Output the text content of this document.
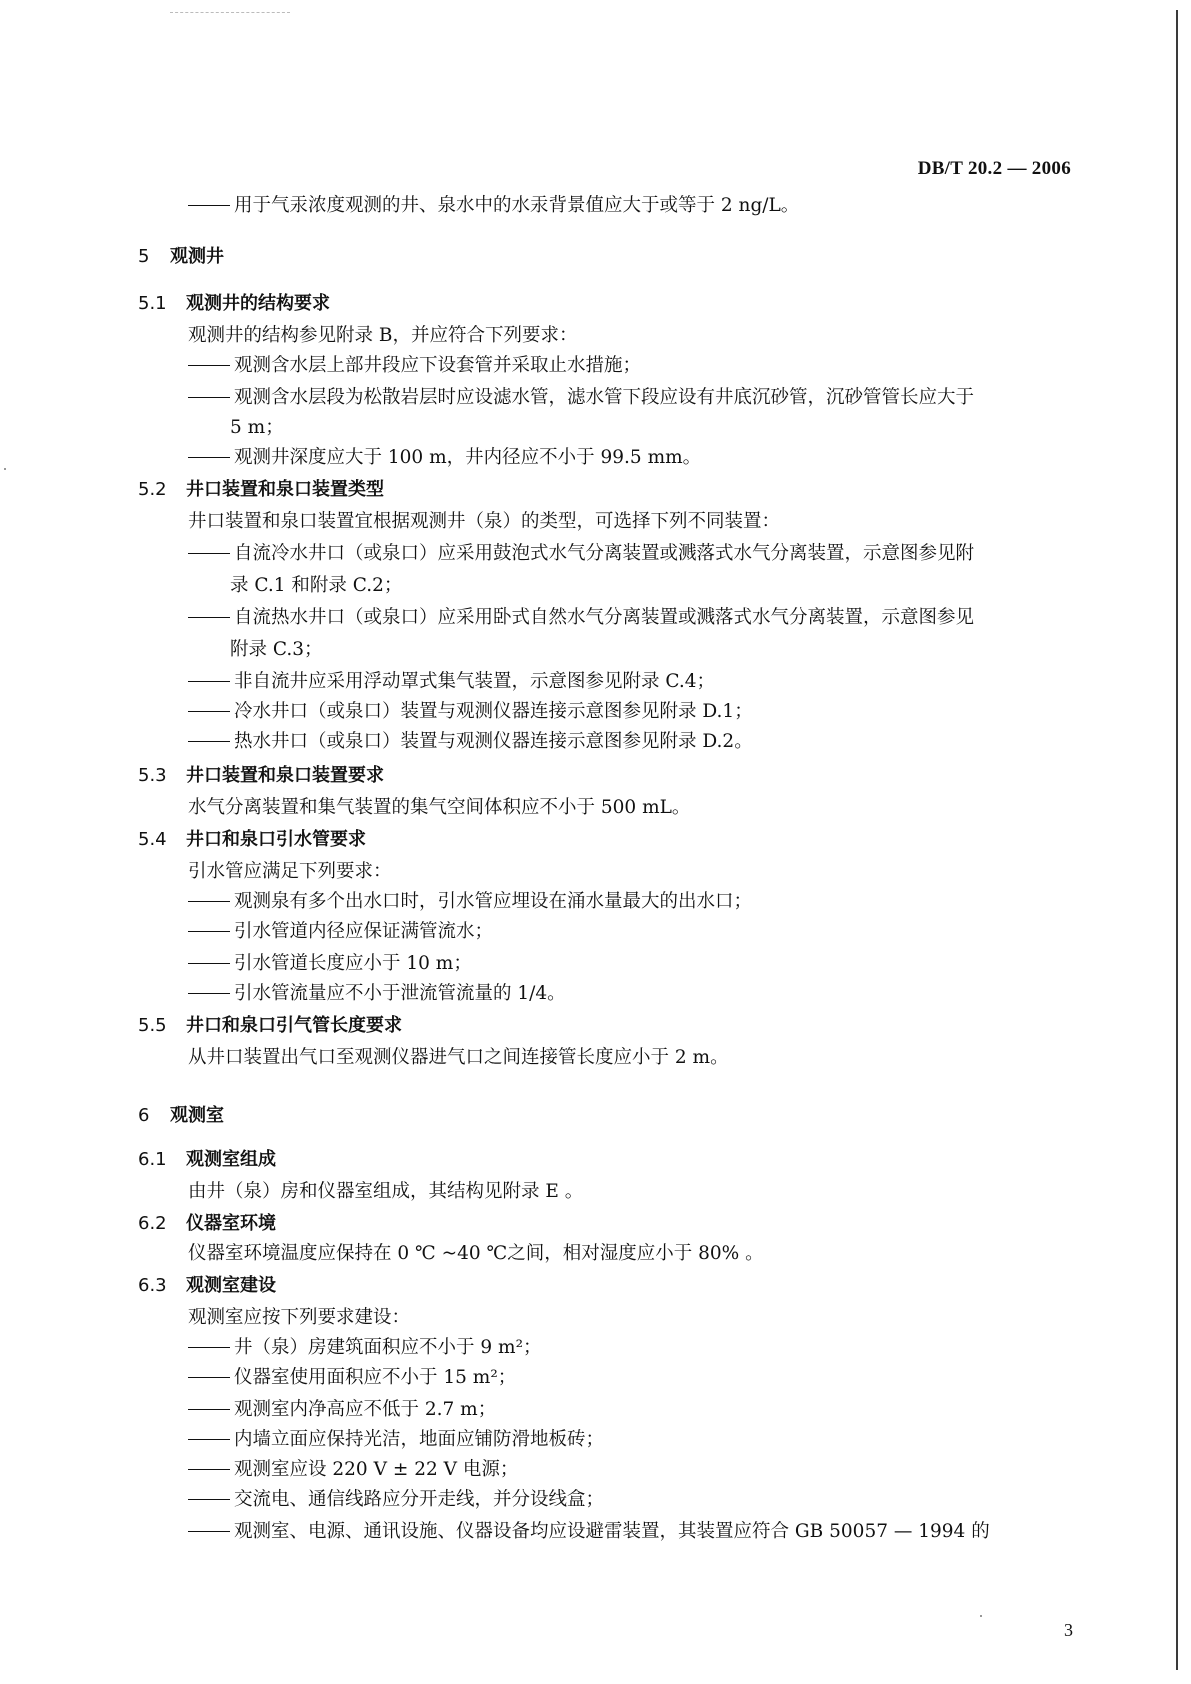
DB/T 20.2 — 2006
用于气汞浓度观测的井、泉水中的水汞背景值应大于或等于 2 ng/L。
5 观测井
5.1 观测井的结构要求
观测井的结构参见附录 B，并应符合下列要求：
观测含水层上部井段应下设套管并采取止水措施；
观测含水层段为松散岩层时应设滤水管，滤水管下段应设有井底沉砂管，沉砂管管长应大于
5 m；
观测井深度应大于 100 m，井内径应不小于 99.5 mm。
5.2 井口装置和泉口装置类型
井口装置和泉口装置宜根据观测井（泉）的类型，可选择下列不同装置：
自流冷水井口（或泉口）应采用鼓泡式水气分离装置或溅落式水气分离装置，示意图参见附
录 C.1 和附录 C.2；
自流热水井口（或泉口）应采用卧式自然水气分离装置或溅落式水气分离装置，示意图参见
附录 C.3；
非自流井应采用浮动罩式集气装置，示意图参见附录 C.4；
冷水井口（或泉口）装置与观测仪器连接示意图参见附录 D.1；
热水井口（或泉口）装置与观测仪器连接示意图参见附录 D.2。
5.3 井口装置和泉口装置要求
水气分离装置和集气装置的集气空间体积应不小于 500 mL。
5.4 井口和泉口引水管要求
引水管应满足下列要求：
观测泉有多个出水口时，引水管应埋设在涌水量最大的出水口；
引水管道内径应保证满管流水；
引水管道长度应小于 10 m；
引水管流量应不小于泄流管流量的 1/4。
5.5 井口和泉口引气管长度要求
从井口装置出气口至观测仪器进气口之间连接管长度应小于 2 m。
6 观测室
6.1 观测室组成
由井（泉）房和仪器室组成，其结构见附录 E 。
6.2 仪器室环境
仪器室环境温度应保持在 0 ℃ ~40 ℃之间，相对湿度应小于 80% 。
6.3 观测室建设
观测室应按下列要求建设：
井（泉）房建筑面积应不小于 9 m²；
仪器室使用面积应不小于 15 m²；
观测室内净高应不低于 2.7 m；
内墙立面应保持光洁，地面应铺防滑地板砖；
观测室应设 220 V ± 22 V 电源；
交流电、通信线路应分开走线，并分设线盒；
观测室、电源、通讯设施、仪器设备均应设避雷装置，其装置应符合 GB 50057 — 1994 的
3
